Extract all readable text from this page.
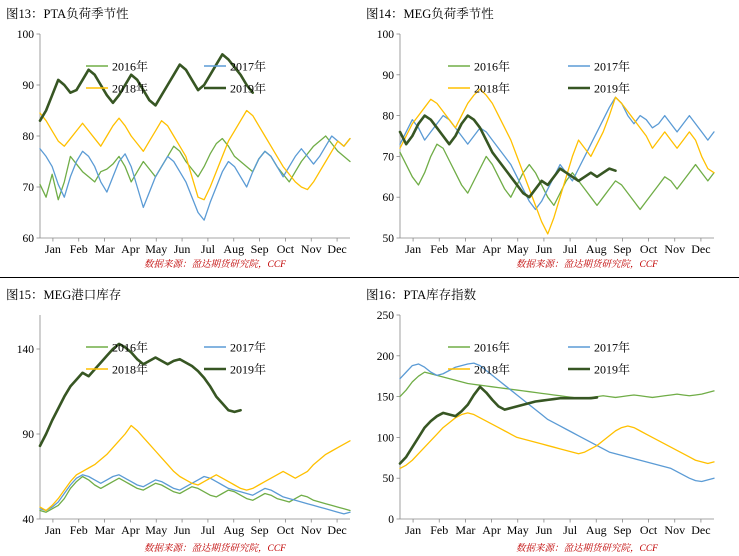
图13：PTA负荷季节性
60
70
80
90
100
Jan Feb Mar Apr May Jun Jul Aug Sep Oct Nov Dec
2016年	2017年
2018年	2019年
数据来源：盈达期货研究院，CCF
图14：MEG负荷季节性
50
60
70
80
90
100
Jan Feb Mar Apr May Jun Jul Aug Sep Oct Nov Dec
2016年	2017年
2018年	2019年
数据来源：盈达期货研究院，CCF
图15：MEG港口库存
40
90
140
Jan Feb Mar Apr May Jun Jul Aug Sep Oct Nov Dec
2016年	2017年
2018年	2019年
数据来源：盈达期货研究院，CCF
图16：PTA库存指数
0
50
100
150
200
250
Jan Feb Mar Apr May Jun Jul Aug Sep Oct Nov Dec
2016年	2017年
2018年	2019年
数据来源：盈达期货研究院，CCF
